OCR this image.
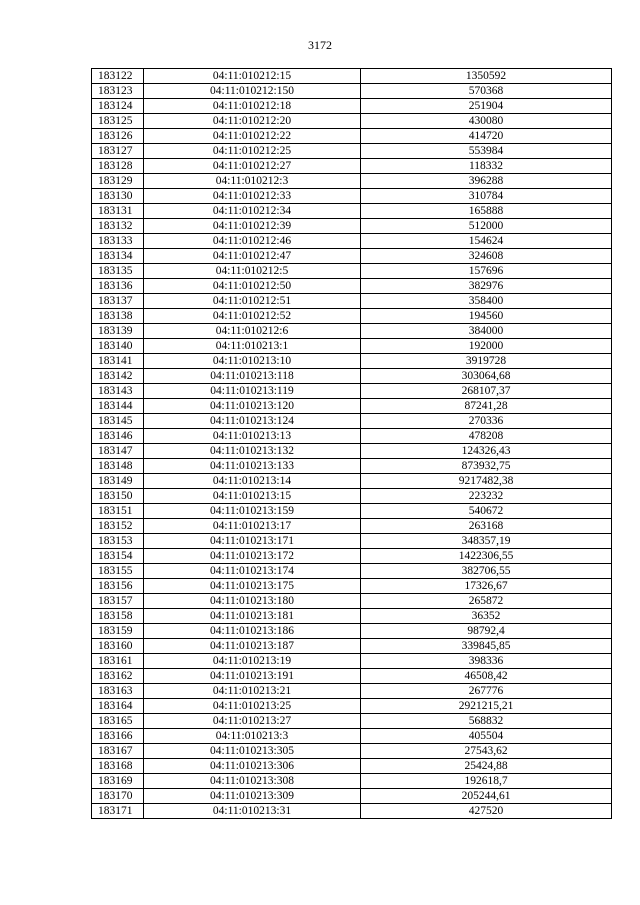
3172
183122	04:11:010212:15	1350592
183123	04:11:010212:150	570368
183124	04:11:010212:18	251904
183125	04:11:010212:20	430080
183126	04:11:010212:22	414720
183127	04:11:010212:25	553984
183128	04:11:010212:27	118332
183129	04:11:010212:3	396288
183130	04:11:010212:33	310784
183131	04:11:010212:34	165888
183132	04:11:010212:39	512000
183133	04:11:010212:46	154624
183134	04:11:010212:47	324608
183135	04:11:010212:5	157696
183136	04:11:010212:50	382976
183137	04:11:010212:51	358400
183138	04:11:010212:52	194560
183139	04:11:010212:6	384000
183140	04:11:010213:1	192000
183141	04:11:010213:10	3919728
183142	04:11:010213:118	303064,68
183143	04:11:010213:119	268107,37
183144	04:11:010213:120	87241,28
183145	04:11:010213:124	270336
183146	04:11:010213:13	478208
183147	04:11:010213:132	124326,43
183148	04:11:010213:133	873932,75
183149	04:11:010213:14	9217482,38
183150	04:11:010213:15	223232
183151	04:11:010213:159	540672
183152	04:11:010213:17	263168
183153	04:11:010213:171	348357,19
183154	04:11:010213:172	1422306,55
183155	04:11:010213:174	382706,55
183156	04:11:010213:175	17326,67
183157	04:11:010213:180	265872
183158	04:11:010213:181	36352
183159	04:11:010213:186	98792,4
183160	04:11:010213:187	339845,85
183161	04:11:010213:19	398336
183162	04:11:010213:191	46508,42
183163	04:11:010213:21	267776
183164	04:11:010213:25	2921215,21
183165	04:11:010213:27	568832
183166	04:11:010213:3	405504
183167	04:11:010213:305	27543,62
183168	04:11:010213:306	25424,88
183169	04:11:010213:308	192618,7
183170	04:11:010213:309	205244,61
183171	04:11:010213:31	427520
